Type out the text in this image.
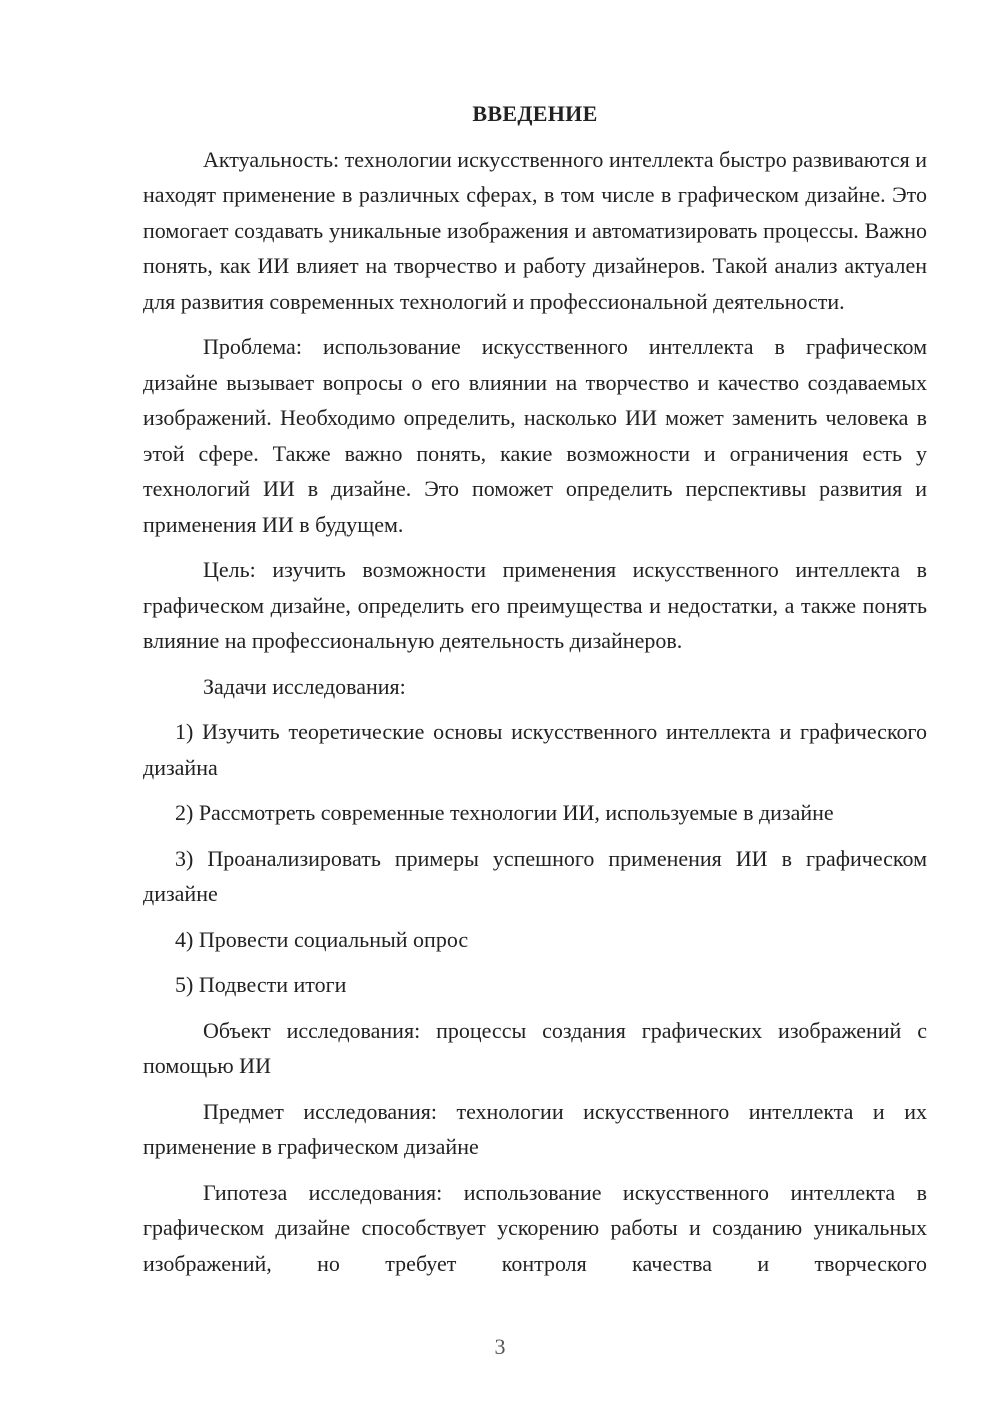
ВВЕДЕНИЕ

Актуальность: технологии искусственного интеллекта быстро развиваются и находят применение в различных сферах, в том числе в графическом дизайне. Это помогает создавать уникальные изображения и автоматизировать процессы. Важно понять, как ИИ влияет на творчество и работу дизайнеров. Такой анализ актуален для развития современных технологий и профессиональной деятельности.

Проблема: использование искусственного интеллекта в графическом дизайне вызывает вопросы о его влиянии на творчество и качество создаваемых изображений. Необходимо определить, насколько ИИ может заменить человека в этой сфере. Также важно понять, какие возможности и ограничения есть у технологий ИИ в дизайне. Это поможет определить перспективы развития и применения ИИ в будущем.

Цель: изучить возможности применения искусственного интеллекта в графическом дизайне, определить его преимущества и недостатки, а также понять влияние на профессиональную деятельность дизайнеров.

Задачи исследования:

1) Изучить теоретические основы искусственного интеллекта и графического дизайна

2) Рассмотреть современные технологии ИИ, используемые в дизайне

3) Проанализировать примеры успешного применения ИИ в графическом дизайне

4) Провести социальный опрос

5) Подвести итоги

Объект исследования: процессы создания графических изображений с помощью ИИ

Предмет исследования: технологии искусственного интеллекта и их применение в графическом дизайне

Гипотеза исследования: использование искусственного интеллекта в графическом дизайне способствует ускорению работы и созданию уникальных изображений, но требует контроля качества и творческого

3
